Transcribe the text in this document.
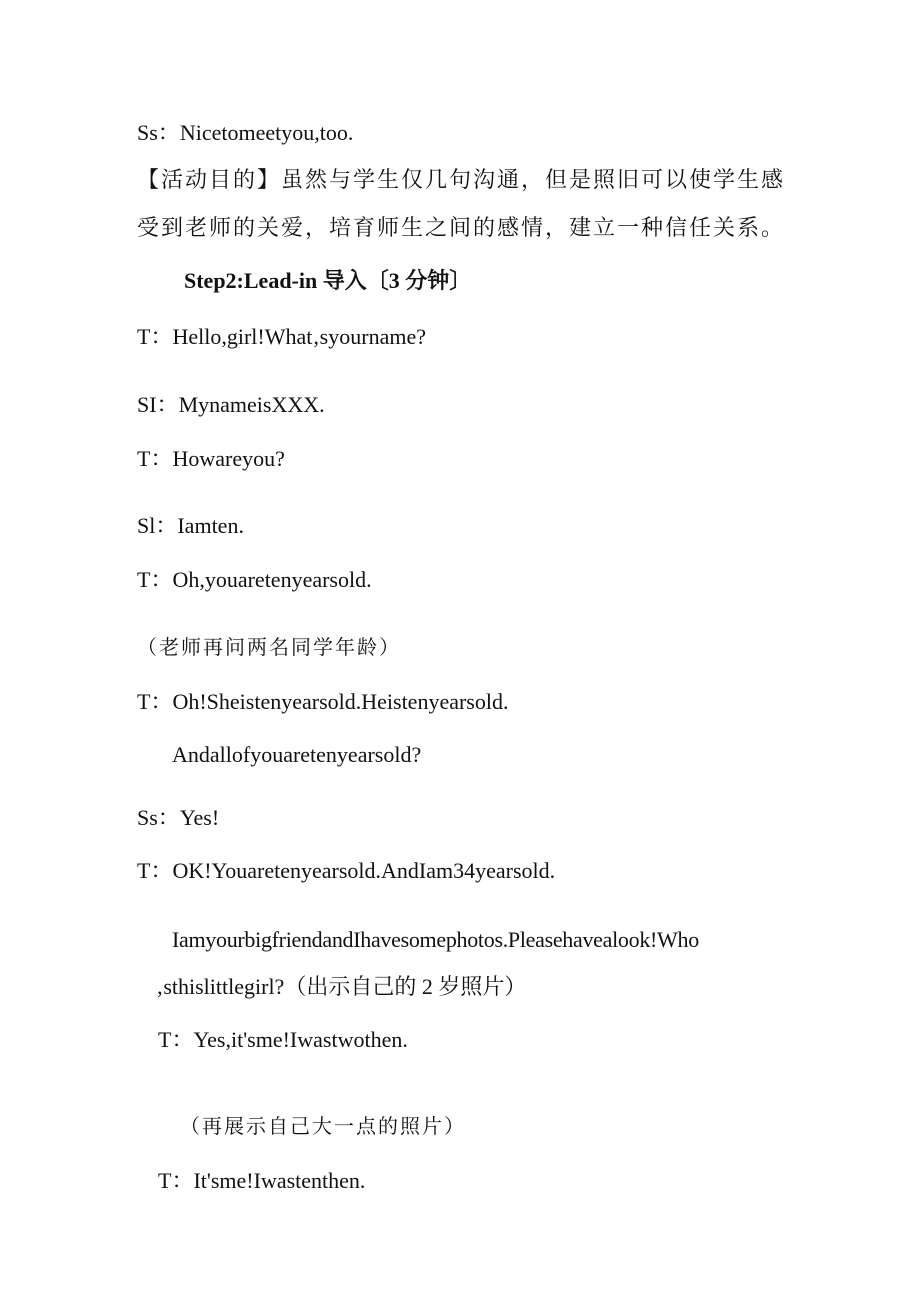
Ss：Nicetomeetyou,too.
【活动目的】虽然与学生仅几句沟通，但是照旧可以使学生感
受到老师的关爱，培育师生之间的感情，建立一种信任关系。
Step2:Lead-in 导入〔3 分钟〕
T：Hello,girl!What‚syourname?
SI：MynameisXXX.
T：Howareyou?
Sl：Iamten.
T：Oh,youaretenyearsold.
（老师再问两名同学年龄）
T：Oh!Sheistenyearsold.Heistenyearsold.
Andallofyouaretenyearsold?
Ss：Yes!
T：OK!Youaretenyearsold.AndIam34yearsold.
IamyourbigfriendandIhavesomephotos.Pleasehavealook!Who
‚sthislittlegirl?（出示自己的 2 岁照片）
T：Yes,it'sme!Iwastwothen.
（再展示自己大一点的照片）
T：It'sme!Iwastenthen.
